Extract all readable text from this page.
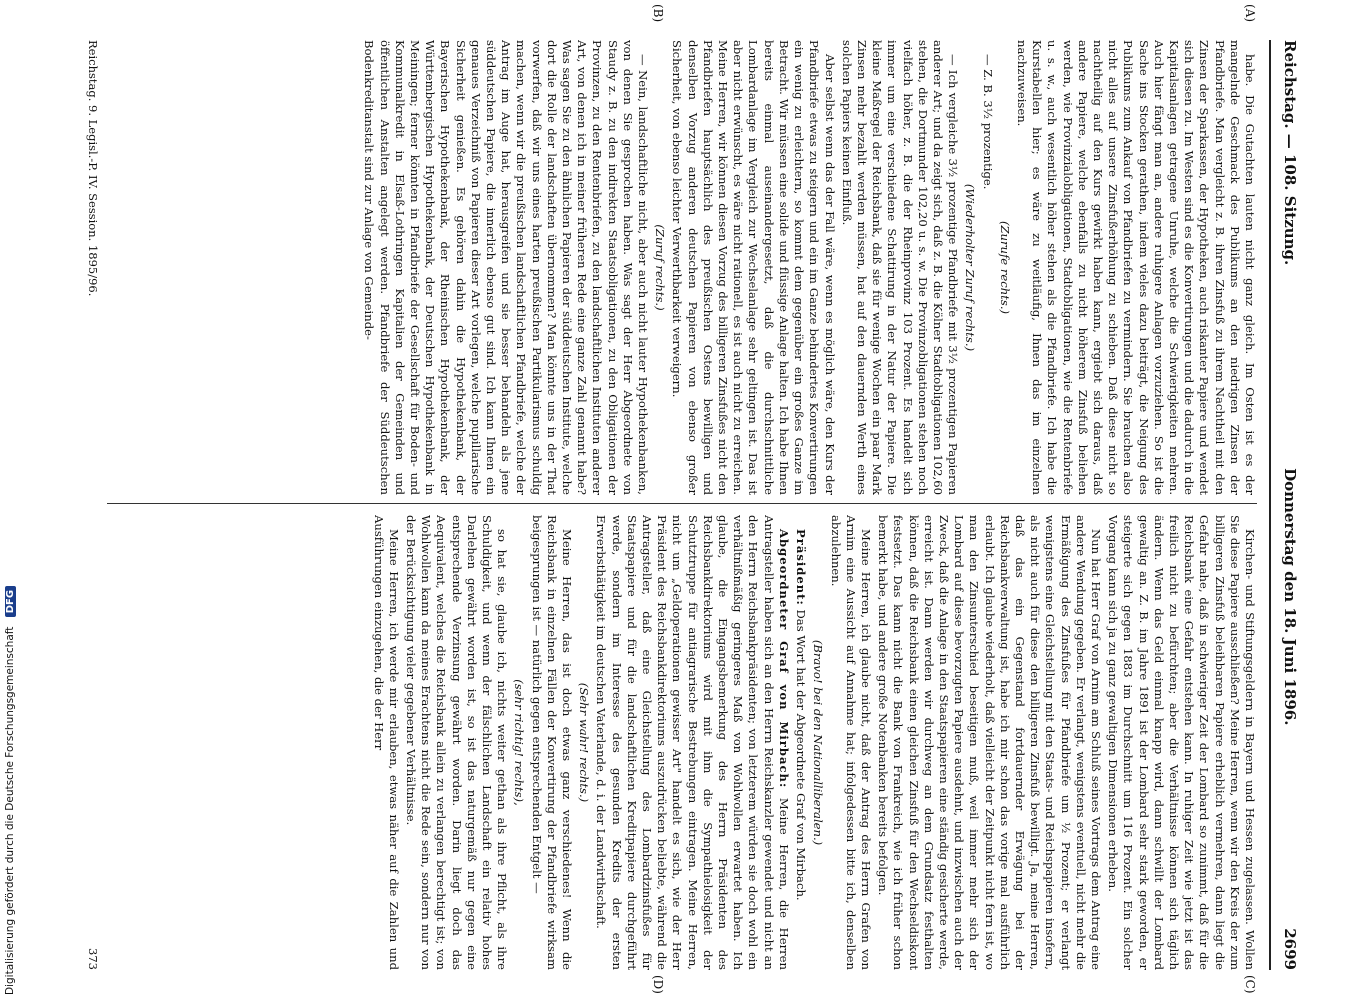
Reichstag. — 108. Sitzung.
Donnerstag den 18. Juni 1896.
2699
(A)
(B)
(C)
(D)

habe. Die Gutachten lauten nicht ganz gleich. Im Osten ist es der mangelnde Geschmack des Publikums an den niedrigen Zinsen der Pfandbriefe. Man vergleicht z. B. ihren Zinsfuß zu ihrem Nachtheil mit den Zinsen der Sparkassen, der Hypotheken, auch riskanter Papiere und wendet sich diesen zu. Im Westen sind es die Konvertirungen und die dadurch in die Kapitalsanlagen getragene Unruhe, welche die Schwierigkeiten mehren. Auch hier fängt man an, andere ruhigere Anlagen vorzuziehen. So ist die Sache ins Stocken gerathen, indem vieles dazu beiträgt, die Neigung des Publikums zum Ankauf von Pfandbriefen zu vermindern. Sie brauchen also nicht alles auf unsere Zinsfußerhöhung zu schieben. Daß diese nicht so nachtheilig auf den Kurs gewirkt haben kann, ergiebt sich daraus, daß andere Papiere, welche ebenfalls zu nicht höherem Zinsfuß beliehen werden, wie Provinzialobligationen, Stadtobligationen, wie die Rentenbriefe u. s. w., auch wesentlich höher stehen als die Pfandbriefe. Ich habe die Kurstabellen hier; es wäre zu weitläufig, Ihnen das im einzelnen nachzuweisen.

(Zurufe rechts.)

— Z. B. 3½ prozentige.

(Wiederholter Zuruf rechts.)

— Ich vergleiche 3½ prozentige Pfandbriefe mit 3½ prozentigen Papieren anderer Art; und da zeigt sich, daß z. B. die Kölner Stadtobligationen 102,60 stehen, die Dortmunder 102,20 u. s. w. Die Provinzobligationen stehen noch vielfach höher, z. B. die der Rheinprovinz 103 Prozent. Es handelt sich immer um eine verschiedene Schattirung in der Natur der Papiere. Die kleine Maßregel der Reichsbank, daß sie für wenige Wochen ein paar Mark Zinsen mehr bezahlt werden müssen, hat auf den dauernden Werth eines solchen Papiers keinen Einfluß.

Aber selbst wenn das der Fall wäre, wenn es möglich wäre, den Kurs der Pfandbriefe etwas zu steigern und ein im Ganze behindertes Konvertirungen ein wenig zu erleichtern, so kommt dem gegenüber ein großes Ganze im Betracht. Wir müssen eine solide und flüssige Anlage halten. Ich habe Ihnen bereits einmal auseinandergesetzt, daß die durchschnittliche Lombardanlage im Vergleich zur Wechselanlage sehr geltingen ist. Das ist aber nicht erwünscht, es wäre nicht rationell, es ist auch nicht zu erreichen. Meine Herren, wir können diesen Vorzug des billigeren Zinsfußes nicht den Pfandbriefen hauptsächlich des preußischen Ostens bewilligen und denselben Vorzug anderen deutschen Papieren von ebenso großer Sicherheit, von ebenso leichter Verwerthbarkeit verweigern.

(Zuruf rechts.)

— Nein, landschaftliche nicht, aber auch nicht lauter Hypothekenbanken, von denen Sie gesprochen haben. Was sagt der Herr Abgeordnete von Staudy z. B. zu den indirekten Staatsobligationen, zu den Obligationen der Provinzen, zu den Rentenbriefen, zu den landschaftlichen Instituten anderer Art, von denen ich in meiner früheren Rede eine ganze Zahl genannt habe? Was sagen Sie zu den ähnlichen Papieren der süddeutschen Institute, welche dort die Rolle der landschaften übernommen? Man könnte uns in der That vorwerfen, daß wir uns eines harten preußischen Partikularismus schuldig machen, wenn wir die preußischen landschaftlichen Pfandbriefe, welche der Antrag im Auge hat, herausgreifen und sie besser behandeln als jene süddeutschen Papiere, die innerlich ebenso gut sind. Ich kann Ihnen ein genaues Verzeichniß von Papieren dieser Art vorlegen, welche pupillarische Sicherheit genießen. Es gehören dahin die Hypothekenbank, der Bayerischen Hypothekenbank, der Rheinischen Hypothekenbank, der Württembergischen Hypothekenbank, der Deutschen Hypothekenbank in Meiningen; ferner könnten in Pfandbriefe der Gesellschaft für Boden- und Kommunalkredit in Elsaß-Lothringen Kapitalien der Gemeinden und öffentlichen Anstalten angelegt werden. Pfandbriefe der Süddeutschen Bodenkreditanstalt sind zur Anlage von Gemeinde-

Kirchen- und Stiftungsgeldern in Bayern und Hessen zugelassen. Wollen Sie diese Papiere ausschließen? Meine Herren, wenn wir den Kreis der zum billigeren Zinsfuß beleihbaren Papiere erheblich vermehren, dann liegt die Gefahr nahe, daß in schwieriger Zeit der Lombard so zunimmt, daß für die Reichsbank eine Gefahr entstehen kann. In ruhiger Zeit wie jetzt ist das freilich nicht zu befürchten; aber die Verhältnisse können sich täglich ändern. Wenn das Geld einmal knapp wird, dann schwillt der Lombard gewaltig an. Z. B. im Jahre 1891 ist der Lombard sehr stark geworden, er steigerte sich gegen 1883 im Durchschnitt um 116 Prozent. Ein solcher Vorgang kann sich ja zu ganz gewaltigen Dimensionen erheben.

Nun hat Herr Graf von Arnim am Schluß seines Vortrags dem Antrag eine andere Wendung gegeben. Er verlangt, wenigstens eventuell, nicht mehr die Ermäßigung des Zinsfußes für Pfandbriefe um ½ Prozent; er verlangt wenigstens eine Gleichstellung mit den Staats- und Reichspapieren insofern, als nicht auch für diese den billigeren Zinsfuß bewilligt. Ja, meine Herren, daß das ein Gegenstand fortdauernder Erwägung bei der Reichsbankverwaltung ist, habe ich mir schon das vorige mal ausführlich erlaubt. Ich glaube wiederholt, daß vielleicht der Zeitpunkt nicht fern ist, wo man den Zinsunterschied beseitigen muß, weil immer mehr sich der Lombard auf diese bevorzugten Papiere ausdehnt, und inzwischen auch der Zweck, daß die Anlage in den Staatspapieren eine ständig gesicherte werde, erreicht ist. Dann werden wir durchweg an dem Grundsatz festhalten können, daß die Reichsbank einen gleichen Zinsfuß für den Wechseldiskont festsetzt. Das kann nicht die Bank von Frankreich, wie ich früher schon bemerkt habe, und andere große Notenbanken bereits befolgen.

Meine Herren, ich glaube nicht, daß der Antrag des Herrn Grafen von Arnim eine Aussicht auf Annahme hat; infolgedessen bitte ich, denselben abzulehnen.

(Bravo! bei den Nationalliberalen.)

Präsident: Das Wort hat der Abgeordnete Graf von Mirbach.

Abgeordneter Graf von Mirbach: Meine Herren, die Herren Antragsteller haben sich an den Herrn Reichskanzler gewendet und nicht an den Herrn Reichsbankpräsidenten; von letzterem würden sie doch wohl ein verhältnißmäßig geringeres Maß von Wohlwollen erwartet haben. Ich glaube, die Eingangsbemerkung des Herrn Präsidenten des Reichsbankdirektoriums wird mit ihm die Sympathielosigkeit der Schutztruppe für antiagrarische Bestrebungen eintragen. Meine Herren, nicht um „Geldoperationen gewisser Art" handelt es sich, wie der Herr Präsident des Reichsbankdirektoriums auszudrücken beliebte, während die Antragsteller, daß eine Gleichstellung des Lombardzinsfußes für Staatspapiere und für die landschaftlichen Kreditpapiere durchgeführt werde, sondern im Interesse des gesunden Kredits der ersten Erwerbsthätigkeit im deutschen Vaterlande, d. i. der Landwirthschaft.

(Sehr wahr! rechts.)

Meine Herren, das ist doch etwas ganz verschiedenes! Wenn die Reichsbank in einzelnen Fällen der Konvertirung der Pfandbriefe wirksam beigesprungen ist — natürlich gegen entsprechenden Entgelt —

(sehr richtig! rechts),

so hat sie, glaube ich, nichts weiter gethan als ihre Pflicht, als ihre Schuldigkeit, und wenn der fälschlichen Landschaft ein relativ hohes Darlehen gewährt worden ist, so ist das naturgemäß nur gegen eine entsprechende Verzinsung gewährt worden. Darin liegt doch das Aequivalent, welches die Reichsbank allein zu verlangen berechtigt ist; von Wohlwollen kann da meines Erachtens nicht die Rede sein, sondern nur von der Berücksichtigung vieler gegebener Verhältnisse.

Meine Herren, ich werde mir erlauben, etwas näher auf die Zahlen und Ausführungen einzugehen, die der Herr

Reichstag. 9. Legisl.-P. IV. Session. 1895/96.
373
Digitalisierung gefördert durch die Deutsche Forschungsgemeinschaft DFG
